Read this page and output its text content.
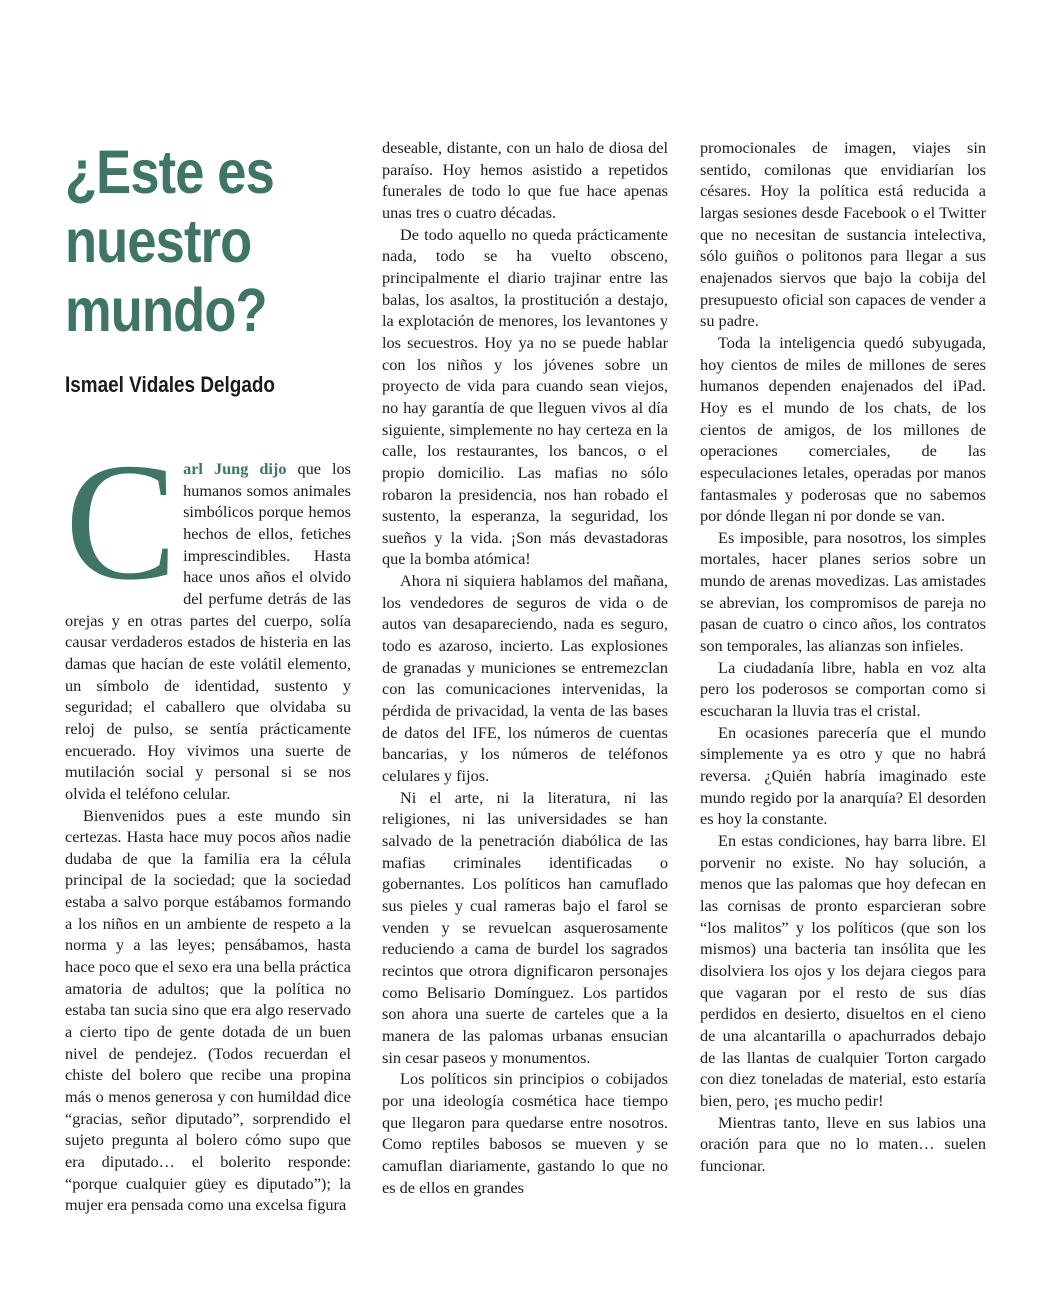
¿Este es nuestro mundo?
Ismael Vidales Delgado

Carl Jung dijo que los humanos somos animales simbólicos porque hemos hechos de ellos, fetiches imprescindibles. Hasta hace unos años el olvido del perfume detrás de las orejas y en otras partes del cuerpo, solía causar verdaderos estados de histeria en las damas que hacían de este volátil elemento, un símbolo de identidad, sustento y seguridad; el caballero que olvidaba su reloj de pulso, se sentía prácticamente encuerado. Hoy vivimos una suerte de mutilación social y personal si se nos olvida el teléfono celular.

Bienvenidos pues a este mundo sin certezas. Hasta hace muy pocos años nadie dudaba de que la familia era la célula principal de la sociedad; que la sociedad estaba a salvo porque estábamos formando a los niños en un ambiente de respeto a la norma y a las leyes; pensábamos, hasta hace poco que el sexo era una bella práctica amatoria de adultos; que la política no estaba tan sucia sino que era algo reservado a cierto tipo de gente dotada de un buen nivel de pendejez. (Todos recuerdan el chiste del bolero que recibe una propina más o menos generosa y con humildad dice “gracias, señor diputado”, sorprendido el sujeto pregunta al bolero cómo supo que era diputado… el bolerito responde: “porque cualquier güey es diputado”); la mujer era pensada como una excelsa figura

deseable, distante, con un halo de diosa del paraíso. Hoy hemos asistido a repetidos funerales de todo lo que fue hace apenas unas tres o cuatro décadas.

De todo aquello no queda prácticamente nada, todo se ha vuelto obsceno, principalmente el diario trajinar entre las balas, los asaltos, la prostitución a destajo, la explotación de menores, los levantones y los secuestros. Hoy ya no se puede hablar con los niños y los jóvenes sobre un proyecto de vida para cuando sean viejos, no hay garantía de que lleguen vivos al día siguiente, simplemente no hay certeza en la calle, los restaurantes, los bancos, o el propio domicilio. Las mafias no sólo robaron la presidencia, nos han robado el sustento, la esperanza, la seguridad, los sueños y la vida. ¡Son más devastadoras que la bomba atómica!

Ahora ni siquiera hablamos del mañana, los vendedores de seguros de vida o de autos van desapareciendo, nada es seguro, todo es azaroso, incierto. Las explosiones de granadas y municiones se entremezclan con las comunicaciones intervenidas, la pérdida de privacidad, la venta de las bases de datos del IFE, los números de cuentas bancarias, y los números de teléfonos celulares y fijos.

Ni el arte, ni la literatura, ni las religiones, ni las universidades se han salvado de la penetración diabólica de las mafias criminales identificadas o gobernantes. Los políticos han camuflado sus pieles y cual rameras bajo el farol se venden y se revuelcan asquerosamente reduciendo a cama de burdel los sagrados recintos que otrora dignificaron personajes como Belisario Domínguez. Los partidos son ahora una suerte de carteles que a la manera de las palomas urbanas ensucian sin cesar paseos y monumentos.

Los políticos sin principios o cobijados por una ideología cosmética hace tiempo que llegaron para quedarse entre nosotros. Como reptiles babosos se mueven y se camuflan diariamente, gastando lo que no es de ellos en grandes

promocionales de imagen, viajes sin sentido, comilonas que envidiarían los césares. Hoy la política está reducida a largas sesiones desde Facebook o el Twitter que no necesitan de sustancia intelectiva, sólo guiños o politonos para llegar a sus enajenados siervos que bajo la cobija del presupuesto oficial son capaces de vender a su padre.

Toda la inteligencia quedó subyugada, hoy cientos de miles de millones de seres humanos dependen enajenados del iPad. Hoy es el mundo de los chats, de los cientos de amigos, de los millones de operaciones comerciales, de las especulaciones letales, operadas por manos fantasmales y poderosas que no sabemos por dónde llegan ni por donde se van.

Es imposible, para nosotros, los simples mortales, hacer planes serios sobre un mundo de arenas movedizas. Las amistades se abrevian, los compromisos de pareja no pasan de cuatro o cinco años, los contratos son temporales, las alianzas son infieles.

La ciudadanía libre, habla en voz alta pero los poderosos se comportan como si escucharan la lluvia tras el cristal.

En ocasiones parecería que el mundo simplemente ya es otro y que no habrá reversa. ¿Quién habría imaginado este mundo regido por la anarquía? El desorden es hoy la constante.

En estas condiciones, hay barra libre. El porvenir no existe. No hay solución, a menos que las palomas que hoy defecan en las cornisas de pronto esparcieran sobre “los malitos” y los políticos (que son los mismos) una bacteria tan insólita que les disolviera los ojos y los dejara ciegos para que vagaran por el resto de sus días perdidos en desierto, disueltos en el cieno de una alcantarilla o apachurrados debajo de las llantas de cualquier Torton cargado con diez toneladas de material, esto estaría bien, pero, ¡es mucho pedir!

Mientras tanto, lleve en sus labios una oración para que no lo maten… suelen funcionar.
